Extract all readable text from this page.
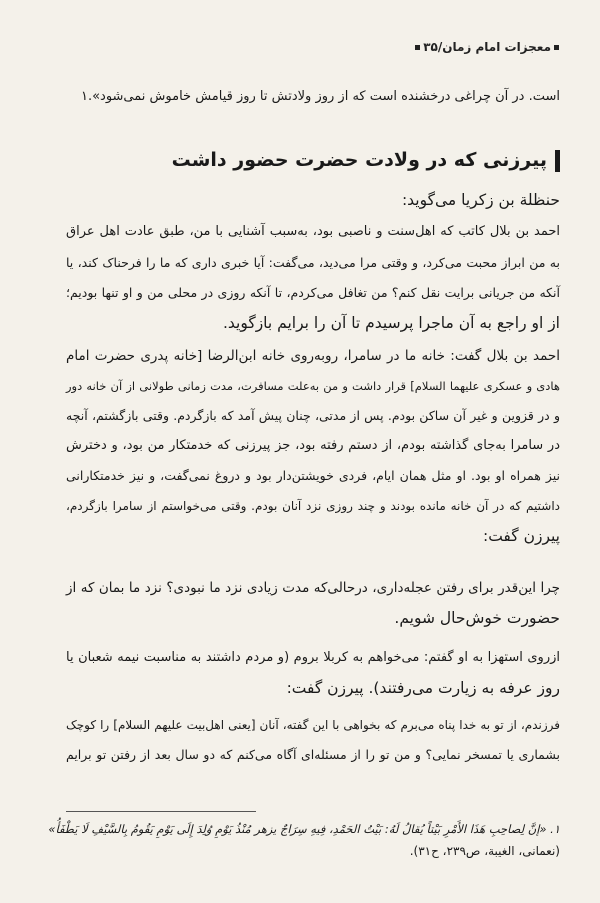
معجزات امام زمان/۳۵
است. در آن چراغی درخشنده است که از روز ولادتش تا روز قیامش خاموش نمی‌شود».۱
پیرزنی که در ولادت حضرت حضور داشت
حنظلة بن زکریا می‌گوید:
احمد بن بلال کاتب که اهل‌سنت و ناصبی بود، به‌سبب آشنایی با من، طبق عادت اهل عراق
به من ابراز محبت می‌کرد، و وقتی مرا می‌دید، می‌گفت: آیا خبری داری که ما را فرحناک کند، یا
آنکه من جریانی برایت نقل کنم؟ من تغافل می‌کردم، تا آنکه روزی در محلی من و او تنها بودیم؛
از او راجع به آن ماجرا پرسیدم تا آن را برایم بازگوید.
احمد بن بلال گفت: خانه ما در سامرا، روبه‌روی خانه ابن‌الرضا [خانه پدری حضرت امام
هادی و عسکری علیهما السلام] قرار داشت و من به‌علت مسافرت، مدت زمانی طولانی از آن خانه دور
و در قزوین و غیر آن ساکن بودم. پس از مدتی، چنان پیش آمد که بازگردم. وقتی بازگشتم، آنچه
در سامرا به‌جای گذاشته بودم، از دستم رفته بود، جز پیرزنی که خدمتکار من بود، و دخترش
نیز همراه او بود. او مثل همان ایام، فردی خویشتن‌دار بود و دروغ نمی‌گفت، و نیز خدمتکارانی
داشتیم که در آن خانه مانده بودند و چند روزی نزد آنان بودم. وقتی می‌خواستم از سامرا بازگردم،
پیرزن گفت:
چرا این‌قدر برای رفتن عجله‌داری، درحالی‌که مدت زیادی نزد ما نبودی؟ نزد ما بمان که از
حضورت خوش‌حال شویم.
ازروی استهزا به او گفتم: می‌خواهم به کربلا بروم (و مردم داشتند به مناسبت نیمه شعبان یا
روز عرفه به زیارت می‌رفتند). پیرزن گفت:
فرزندم، از تو به خدا پناه می‌برم که بخواهی با این گفته، آنان [یعنی اهل‌بیت علیهم السلام] را کوچک
بشماری یا تمسخر نمایی؟ و من تو را از مسئله‌ای آگاه می‌کنم که دو سال بعد از رفتن تو برایم
۱. «إنَّ لِصاحِبِ هَذَا الأَمْرِ بَيْتاً يُقالُ لَهُ: بَيْتُ الحَمْدِ، فِيهِ سِرَاجٌ يزهر مُنْذُ يَوْمِ وُلِدَ إِلَى يَوْمِ يَقُومُ بِالسَّيْفِ لَا يَطْفَأُ»
(نعمانی، الغیبة، ص۲۳۹، ح۳۱).
